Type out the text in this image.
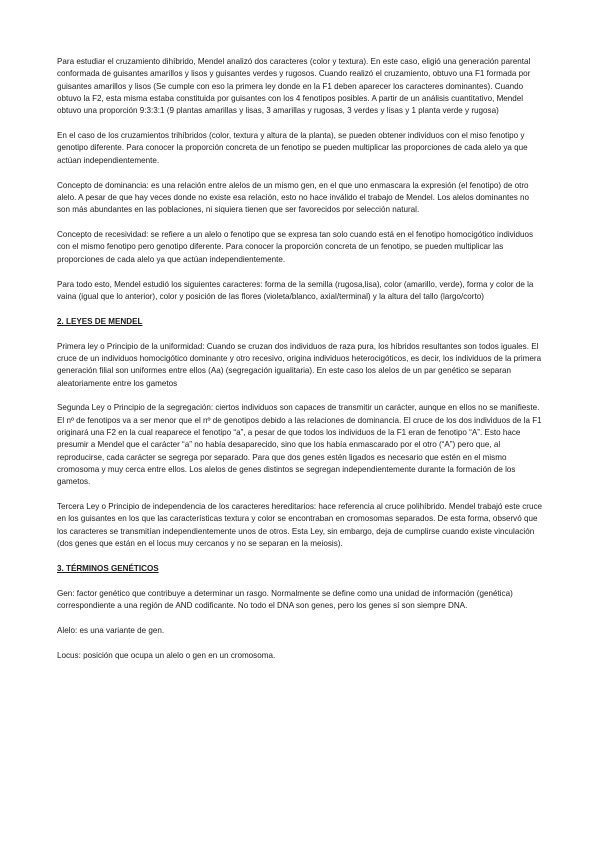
Para estudiar el cruzamiento dihíbrido, Mendel analizó dos caracteres (color y textura). En este caso, eligió una generación parental conformada de guisantes amarillos y lisos y guisantes verdes y rugosos. Cuando realizó el cruzamiento, obtuvo una F1 formada por guisantes amarillos y lisos (Se cumple con eso la primera ley donde en la F1 deben aparecer los caracteres dominantes). Cuando obtuvo la F2, esta misma estaba constituida por guisantes con los 4 fenotipos posibles. A partir de un análisis cuantitativo, Mendel obtuvo una proporción 9:3:3:1 (9 plantas amarillas y lisas, 3 amarillas y rugosas, 3 verdes y lisas y 1 planta verde y rugosa)

En el caso de los cruzamientos trihíbridos (color, textura y altura de la planta), se pueden obtener individuos con el miso fenotipo y genotipo diferente. Para conocer la proporción concreta de un fenotipo se pueden multiplicar las proporciones de cada alelo ya que actúan independientemente.

Concepto de dominancia: es una relación entre alelos de un mismo gen, en el que uno enmascara la expresión (el fenotipo) de otro alelo. A pesar de que hay veces donde no existe esa relación, esto no hace inválido el trabajo de Mendel. Los alelos dominantes no son más abundantes en las poblaciones, ni siquiera tienen que ser favorecidos por selección natural.

Concepto de recesividad: se refiere a un alelo o fenotipo que se expresa tan solo cuando está en el fenotipo homocigótico individuos con el mismo fenotipo pero genotipo diferente. Para conocer la proporción concreta de un fenotipo, se pueden multiplicar las proporciones de cada alelo ya que actúan independientemente.

Para todo esto, Mendel estudió los siguientes caracteres: forma de la semilla (rugosa,lisa), color (amarillo, verde), forma y color de la vaina (igual que lo anterior), color y posición de las flores (violeta/blanco, axial/terminal) y la altura del tallo (largo/corto)

2. LEYES DE MENDEL

Primera ley o Principio de la uniformidad: Cuando se cruzan dos individuos de raza pura, los híbridos resultantes son todos iguales. El cruce de un individuos homocigótico dominante y otro recesivo, origina individuos heterocigóticos, es decir, los individuos de la primera generación filial son uniformes entre ellos (Aa) (segregación igualitaria). En este caso los alelos de un par genético se separan aleatoriamente entre los gametos

Segunda Ley o Principio de la segregación: ciertos individuos son capaces de transmitir un carácter, aunque en ellos no se manifieste. El nº de fenotipos va a ser menor que el nº de genotipos debido a las relaciones de dominancia. El cruce de los dos individuos de la F1 originará una F2 en la cual reaparece el fenotipo “a”, a pesar de que todos los individuos de la F1 eran de fenotipo “A”. Esto hace presumir a Mendel que el carácter “a” no había desaparecido, sino que los había enmascarado por el otro (“A”) pero que, al reproducirse, cada carácter se segrega por separado. Para que dos genes estén ligados es necesario que estén en el mismo cromosoma y muy cerca entre ellos. Los alelos de genes distintos se segregan independientemente durante la formación de los gametos.

Tercera Ley o Principio de independencia de los caracteres hereditarios: hace referencia al cruce polihíbrido. Mendel trabajó este cruce en los guisantes en los que las características textura y color se encontraban en cromosomas separados. De esta forma, observó que los caracteres se transmitían independientemente unos de otros. Esta Ley, sin embargo, deja de cumplirse cuando existe vinculación (dos genes que están en el locus muy cercanos y no se separan en la meiosis).

3. TÉRMINOS GENÉTICOS

Gen: factor genético que contribuye a determinar un rasgo. Normalmente se define como una unidad de información (genética) correspondiente a una región de AND codificante. No todo el DNA son genes, pero los genes sí son siempre DNA.

Alelo: es una variante de gen.

Locus: posición que ocupa un alelo o gen en un cromosoma.
